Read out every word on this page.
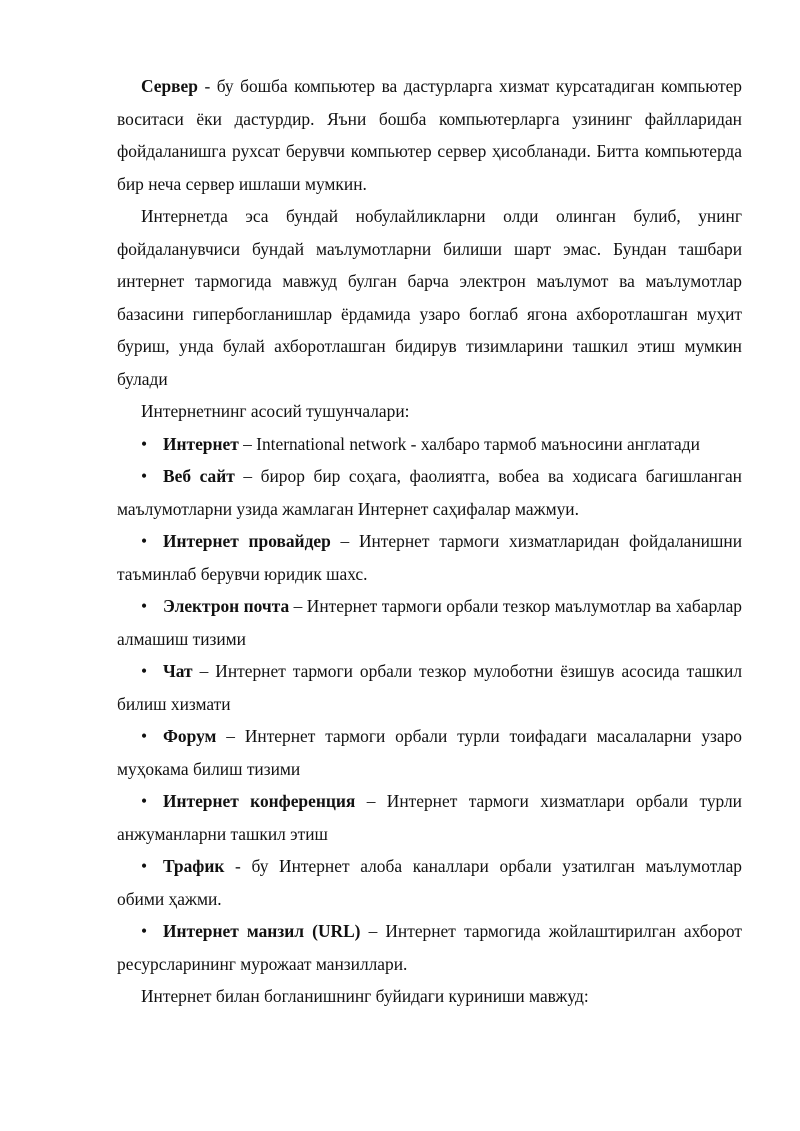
Сервер - бу бошба компьютер ва дастурларга хизмат курсатадиган компьютер воситаси ёки дастурдир. Яъни бошба компьютерларга узининг файлларидан фойдаланишга рухсат берувчи компьютер сервер ҳисобланади. Битта компьютерда бир неча сервер ишлаши мумкин.

Интернетда эса бундай нобулайликларни олди олинган булиб, унинг фойдаланувчиси бундай маълумотларни билиши шарт эмас. Бундан ташбари интернет тармогида мавжуд булган барча электрон маълумот ва маълумотлар базасини гипербогланишлар ёрдамида узаро боглаб ягона ахборотлашган муҳит буриш, унда булай ахборотлашган бидирув тизимларини ташкил этиш мумкин булади

Интернетнинг асосий тушунчалари:

• Интернет – International network - халбаро тармоб маъносини англатади

• Веб сайт – бирор бир соҳага, фаолиятга, вобеа ва ходисага багишланган маълумотларни узида жамлаган Интернет саҳифалар мажмуи.

• Интернет провайдер – Интернет тармоги хизматларидан фойдаланишни таъминлаб берувчи юридик шахс.

• Электрон почта – Интернет тармоги орбали тезкор маълумотлар ва хабарлар алмашиш тизими

• Чат – Интернет тармоги орбали тезкор мулоботни ёзишув асосида ташкил билиш хизмати

• Форум – Интернет тармоги орбали турли тоифадаги масалаларни узаро муҳокама билиш тизими

• Интернет конференция – Интернет тармоги хизматлари орбали турли анжуманларни ташкил этиш

• Трафик - бу Интернет алоба каналлари орбали узатилган маълумотлар обими ҳажми.

• Интернет манзил (URL) – Интернет тармогида жойлаштирилган ахборот ресурсларининг мурожаат манзиллари.

Интернет билан богланишнинг буйидаги куриниши мавжуд:
